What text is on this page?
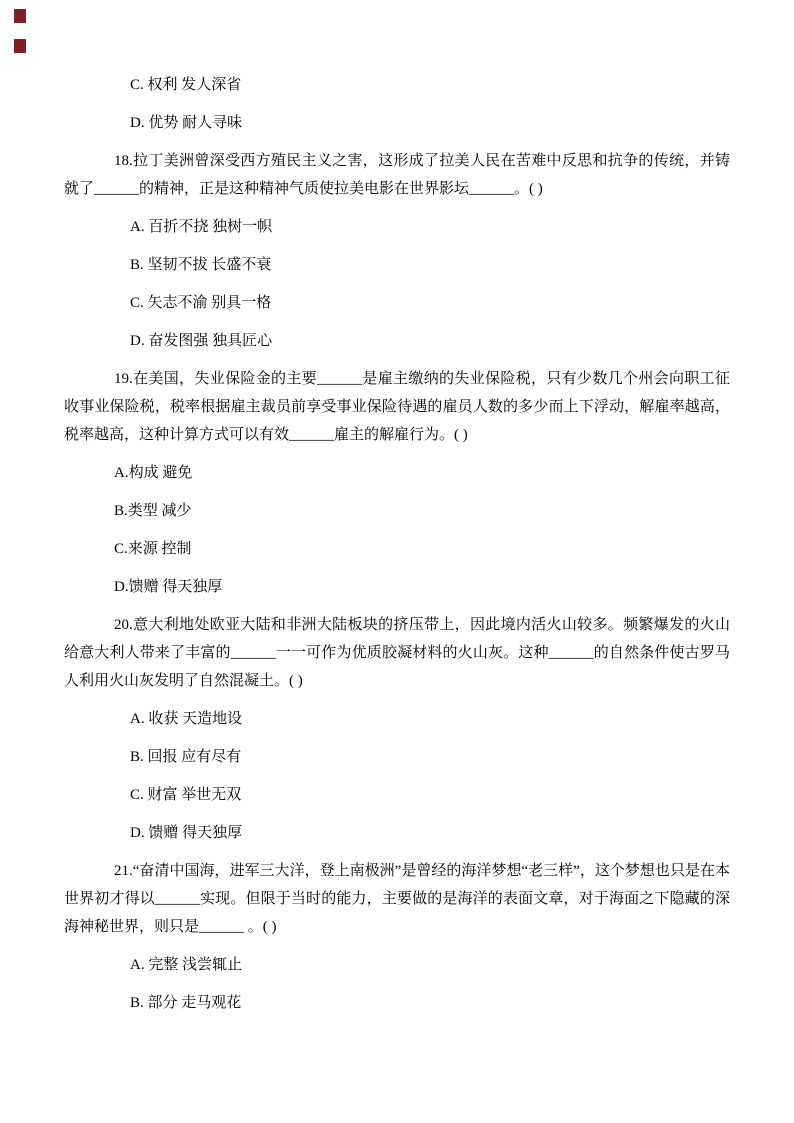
C. 权利 发人深省

D. 优势 耐人寻味

18.拉丁美洲曾深受西方殖民主义之害，这形成了拉美人民在苦难中反思和抗争的传统，并铸就了______的精神，正是这种精神气质使拉美电影在世界影坛______。( )

A. 百折不挠 独树一帜

B. 坚韧不拔 长盛不衰

C. 矢志不渝 别具一格

D. 奋发图强 独具匠心

19.在美国，失业保险金的主要______是雇主缴纳的失业保险税，只有少数几个州会向职工征收事业保险税，税率根据雇主裁员前享受事业保险待遇的雇员人数的多少而上下浮动，解雇率越高，税率越高，这种计算方式可以有效______雇主的解雇行为。( )

A.构成 避免

B.类型 减少

C.来源 控制

D.馈赠 得天独厚

20.意大利地处欧亚大陆和非洲大陆板块的挤压带上，因此境内活火山较多。频繁爆发的火山给意大利人带来了丰富的______一一可作为优质胶凝材料的火山灰。这种______的自然条件使古罗马人利用火山灰发明了自然混凝土。( )

A. 收获 天造地设

B. 回报 应有尽有

C. 财富 举世无双

D. 馈赠 得天独厚

21.“奋清中国海，进军三大洋，登上南极洲”是曾经的海洋梦想“老三样”，这个梦想也只是在本世界初才得以______实现。但限于当时的能力，主要做的是海洋的表面文章，对于海面之下隐藏的深海神秘世界，则只是______ 。( )

A. 完整 浅尝辄止

B. 部分 走马观花
